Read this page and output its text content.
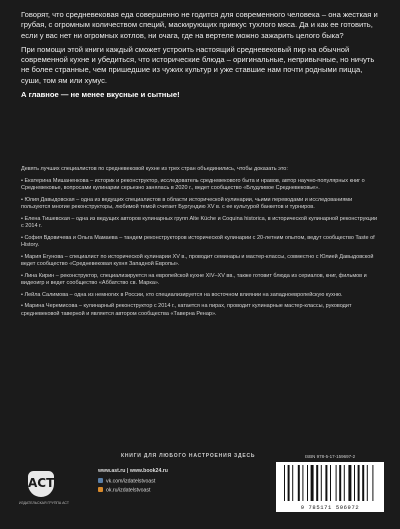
Говорят, что средневековая еда совершенно не годится для современного человека – она жесткая и грубая, с огромным количеством специй, маскирующих привкус тухлого мяса. Да и как ее готовить, если у вас нет ни огромных котлов, ни очага, где на вертеле можно зажарить целого быка?

При помощи этой книги каждый сможет устроить настоящий средневековый пир на обычной современной кухне и убедиться, что исторические блюда – оригинальные, непривычные, но ничуть не более странные, чем пришедшие из чужих культур и уже ставшие нам почти родными пицца, суши, том ям или хумус.

А главное — не менее вкусные и сытные!

Девять лучших специалистов по средневековой кухне из трех стран объединились, чтобы доказать это:

• Екатерина Мишаненкова – историк и реконструктор, исследователь средневекового быта и нравов, автор научно-популярных книг о Средневековье, вопросами кулинарии серьезно занялась в 2020 г., ведет сообщество «Блудливое Средневековье».

• Юлия Давыдовская – одна из ведущих специалистов в области исторической кулинарии, чьими переводами и исследованиями пользуются многие реконструкторы, любимой темой считает Бургундию XV в. с ее культурой банкетов и турниров.

• Елена Тишевская – одна из ведущих авторов кулинарных групп Alte Küche и Coquina historica, в исторической кулинарной реконструкции с 2014 г.

• София Вдовичева и Ольга Мамаева – тандем реконструкторов исторической кулинарии с 20-летним опытом, ведут сообщество Taste of History.

• Мария Егунова – специалист по исторической кулинарии XV в., проводит семинары и мастер-классы, совместно с Юлией Давыдовской ведет сообщество «Средневековая кухня Западной Европы».

• Лина Кирин – реконструктор, специализируется на европейской кухне XIV–XV вв., также готовит блюда из сериалов, книг, фильмов и видеоигр и ведет сообщество «Аббатство св. Марка».

• Лейла Салимова – одна из немногих в России, кто специализируется на восточном влиянии на западноевропейскую кухню.

• Марина Черемисова – кулинарный реконструктор с 2014 г., катается на пирах, проводит кулинарные мастер-классы, руководит средневековой таверной и является автором сообщества «Таверна Ренар».

КНИГИ ДЛЯ ЛЮБОГО НАСТРОЕНИЯ ЗДЕСЬ
ACT
ИЗДАТЕЛЬСКАЯ ГРУППА АСТ
www.ast.ru | www.book24.ru
vk.com/izdatelstvoast
ok.ru/izdatelstvoast
ISBN 978-5-17-159697-2
9 785171 596972
